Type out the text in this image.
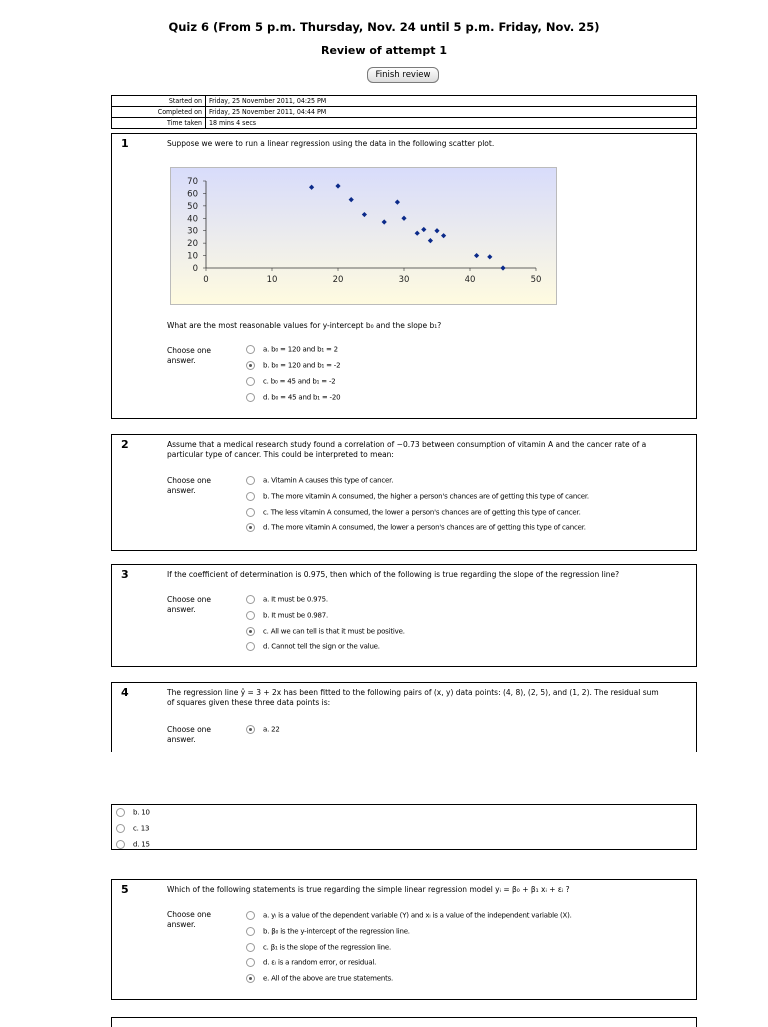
Quiz 6 (From 5 p.m. Thursday, Nov. 24 until 5 p.m. Friday, Nov. 25)
Review of attempt 1
Finish review
Started on	Friday, 25 November 2011, 04:25 PM
Completed on	Friday, 25 November 2011, 04:44 PM
Time taken	18 mins 4 secs
1	Suppose we were to run a linear regression using the data in the following scatter plot.
What are the most reasonable values for y-intercept b₀ and the slope b₁?
Choose one answer.
0
10
20
30
40
50
60
70
0	10	20	30	40	50
a. b₀ = 120 and b₁ = 2
b. b₀ = 120 and b₁ = -2
c. b₀ = 45 and b₁ = -2
d. b₀ = 45 and b₁ = -20
2	Assume that a medical research study found a correlation of −0.73 between consumption of vitamin A and the cancer rate of a particular type of cancer. This could be interpreted to mean:
Choose one answer.
a. Vitamin A causes this type of cancer.
b. The more vitamin A consumed, the higher a person's chances are of getting this type of cancer.
c. The less vitamin A consumed, the lower a person's chances are of getting this type of cancer.
d. The more vitamin A consumed, the lower a person's chances are of getting this type of cancer.
3	If the coefficient of determination is 0.975, then which of the following is true regarding the slope of the regression line?
Choose one answer.
a. It must be 0.975.
b. It must be 0.987.
c. All we can tell is that it must be positive.
d. Cannot tell the sign or the value.
4	The regression line ŷ = 3 + 2x has been fitted to the following pairs of (x, y) data points: (4, 8), (2, 5), and (1, 2). The residual sum of squares given these three data points is:
Choose one answer.
a. 22
b. 10
c. 13
d. 15
5	Which of the following statements is true regarding the simple linear regression model yᵢ = β₀ + β₁ xᵢ + εᵢ ?
Choose one answer.
a. yᵢ is a value of the dependent variable (Y) and xᵢ is a value of the independent variable (X).
b. β₀ is the y-intercept of the regression line.
c. β₁ is the slope of the regression line.
d. εᵢ is a random error, or residual.
e. All of the above are true statements.
